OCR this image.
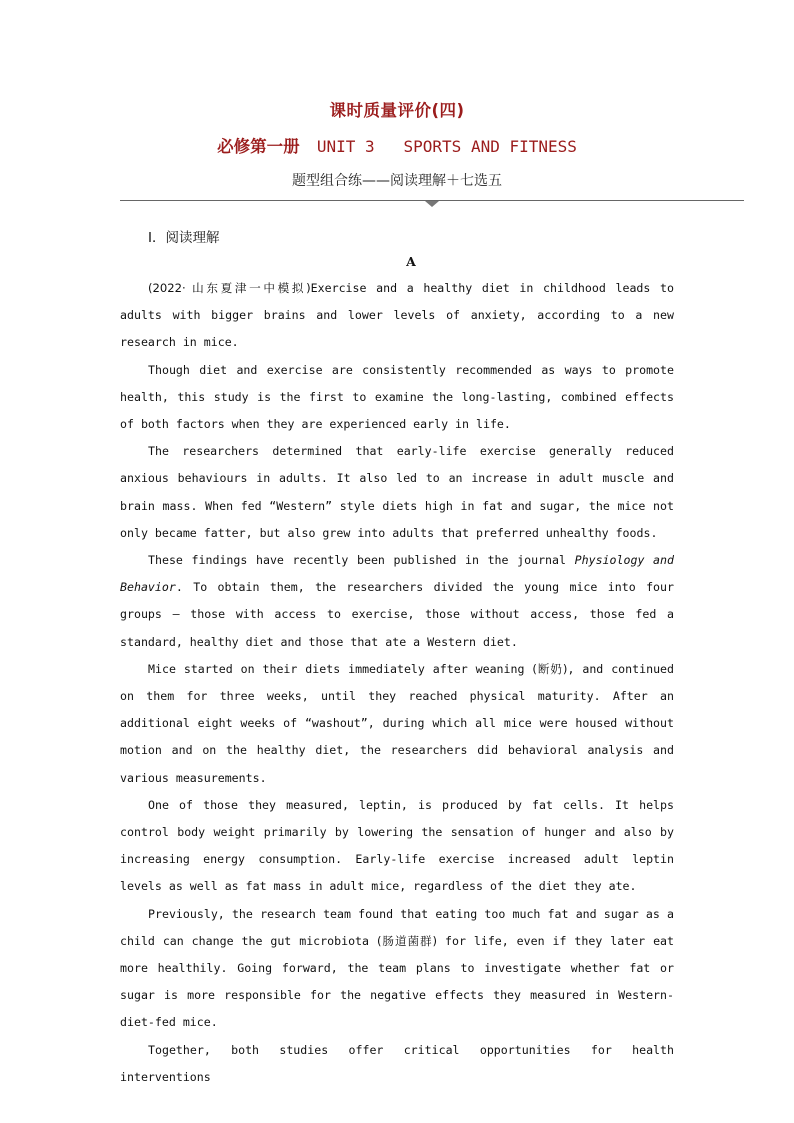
课时质量评价(四)
必修第一册 UNIT 3   SPORTS AND FITNESS
题型组合练——阅读理解＋七选五
Ⅰ．阅读理解
A

(2022· 山东夏津一中模拟)Exercise and a healthy diet in childhood leads to adults with bigger brains and lower levels of anxiety, according to a new research in mice.

Though diet and exercise are consistently recommended as ways to promote health, this study is the first to examine the long-lasting, combined effects of both factors when they are experienced early in life.

The researchers determined that early-life exercise generally reduced anxious behaviours in adults. It also led to an increase in adult muscle and brain mass. When fed “Western” style diets high in fat and sugar, the mice not only became fatter, but also grew into adults that preferred unhealthy foods.

These findings have recently been published in the journal Physiology and Behavior. To obtain them, the researchers divided the young mice into four groups — those with access to exercise, those without access, those fed a standard, healthy diet and those that ate a Western diet.

Mice started on their diets immediately after weaning (断奶), and continued on them for three weeks, until they reached physical maturity. After an additional eight weeks of “washout”, during which all mice were housed without motion and on the healthy diet, the researchers did behavioral analysis and various measurements.

One of those they measured, leptin, is produced by fat cells. It helps control body weight primarily by lowering the sensation of hunger and also by increasing energy consumption. Early-life exercise increased adult leptin levels as well as fat mass in adult mice, regardless of the diet they ate.

Previously, the research team found that eating too much fat and sugar as a child can change the gut microbiota (肠道菌群) for life, even if they later eat more healthily. Going forward, the team plans to investigate whether fat or sugar is more responsible for the negative effects they measured in Western-diet-fed mice.

Together, both studies offer critical opportunities for health interventions
